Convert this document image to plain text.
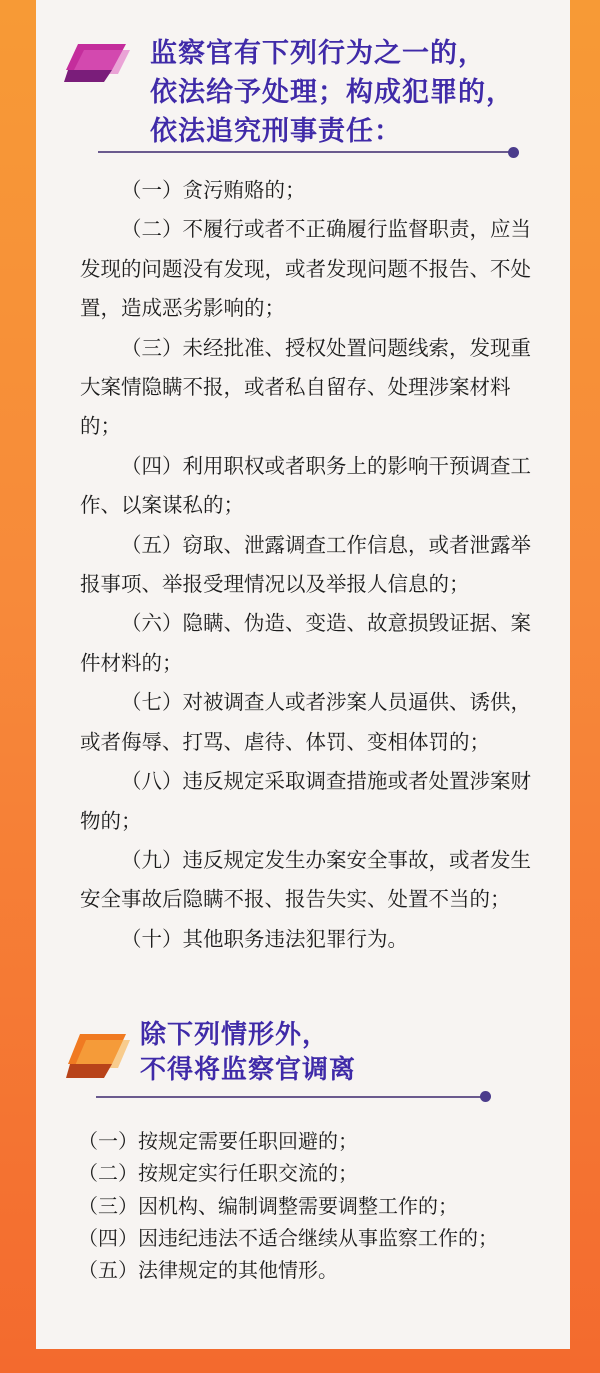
监察官有下列行为之一的，
依法给予处理；构成犯罪的，
依法追究刑事责任：
（一）贪污贿赂的；
（二）不履行或者不正确履行监督职责，应当发现的问题没有发现，或者发现问题不报告、不处置，造成恶劣影响的；
（三）未经批准、授权处置问题线索，发现重大案情隐瞒不报，或者私自留存、处理涉案材料的；
（四）利用职权或者职务上的影响干预调查工作、以案谋私的；
（五）窃取、泄露调查工作信息，或者泄露举报事项、举报受理情况以及举报人信息的；
（六）隐瞒、伪造、变造、故意损毁证据、案件材料的；
（七）对被调查人或者涉案人员逼供、诱供，或者侮辱、打骂、虐待、体罚、变相体罚的；
（八）违反规定采取调查措施或者处置涉案财物的；
（九）违反规定发生办案安全事故，或者发生安全事故后隐瞒不报、报告失实、处置不当的；
（十）其他职务违法犯罪行为。
除下列情形外，
不得将监察官调离
（一）按规定需要任职回避的；
（二）按规定实行任职交流的；
（三）因机构、编制调整需要调整工作的；
（四）因违纪违法不适合继续从事监察工作的；
（五）法律规定的其他情形。
